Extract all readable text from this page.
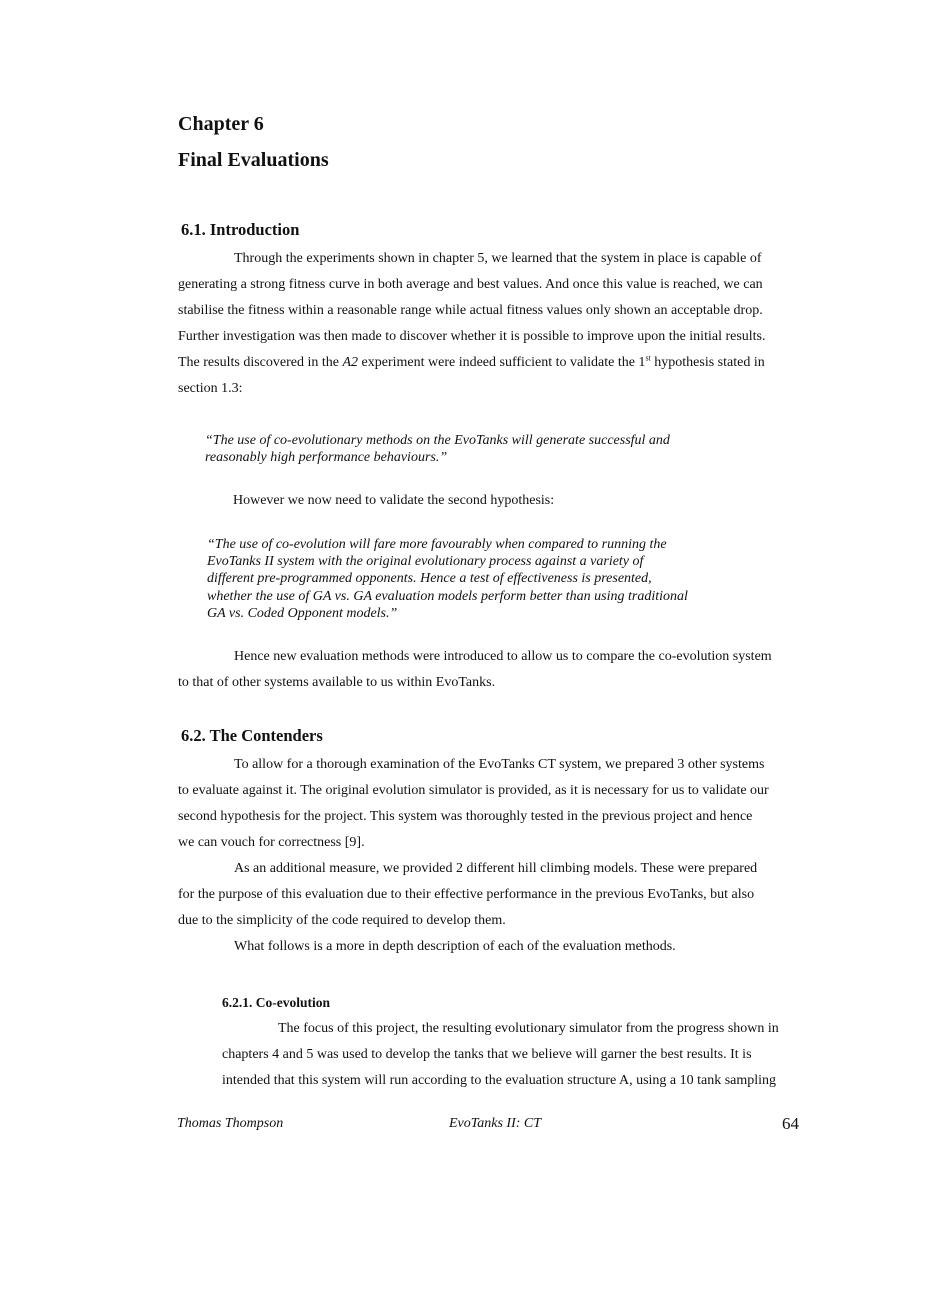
Chapter 6
Final Evaluations
6.1. Introduction
Through the experiments shown in chapter 5, we learned that the system in place is capable of
generating a strong fitness curve in both average and best values. And once this value is reached, we can
stabilise the fitness within a reasonable range while actual fitness values only shown an acceptable drop.
Further investigation was then made to discover whether it is possible to improve upon the initial results.
The results discovered in the A2 experiment were indeed sufficient to validate the 1st hypothesis stated in
section 1.3:
“The use of co-evolutionary methods on the EvoTanks will generate successful and
reasonably high performance behaviours.”
However we now need to validate the second hypothesis:
“The use of co-evolution will fare more favourably when compared to running the
EvoTanks II system with the original evolutionary process against a variety of
different pre-programmed opponents. Hence a test of effectiveness is presented,
whether the use of GA vs. GA evaluation models perform better than using traditional
GA vs. Coded Opponent models.”
Hence new evaluation methods were introduced to allow us to compare the co-evolution system
to that of other systems available to us within EvoTanks.
6.2. The Contenders
To allow for a thorough examination of the EvoTanks CT system, we prepared 3 other systems
to evaluate against it. The original evolution simulator is provided, as it is necessary for us to validate our
second hypothesis for the project. This system was thoroughly tested in the previous project and hence
we can vouch for correctness [9].
As an additional measure, we provided 2 different hill climbing models. These were prepared
for the purpose of this evaluation due to their effective performance in the previous EvoTanks, but also
due to the simplicity of the code required to develop them.
What follows is a more in depth description of each of the evaluation methods.
6.2.1. Co-evolution
The focus of this project, the resulting evolutionary simulator from the progress shown in
chapters 4 and 5 was used to develop the tanks that we believe will garner the best results. It is
intended that this system will run according to the evaluation structure A, using a 10 tank sampling
Thomas Thompson	EvoTanks II: CT	64
